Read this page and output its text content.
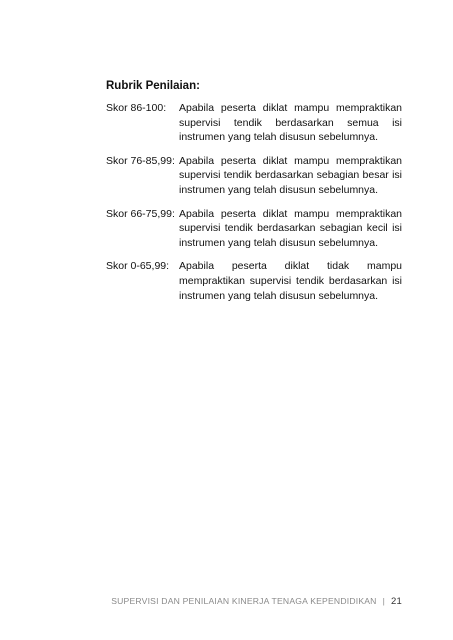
Rubrik Penilaian:
Skor 86-100:	Apabila peserta diklat mampu mempraktikan supervisi tendik berdasarkan semua isi instrumen yang telah disusun sebelumnya.
Skor 76-85,99: Apabila peserta diklat mampu mempraktikan supervisi tendik berdasarkan sebagian besar isi instrumen yang telah disusun sebelumnya.
Skor 66-75,99: Apabila peserta diklat mampu mempraktikan supervisi tendik berdasarkan sebagian kecil isi instrumen yang telah disusun sebelumnya.
Skor 0-65,99: Apabila peserta diklat tidak mampu mempraktikan supervisi tendik berdasarkan isi instrumen yang telah disusun sebelumnya.
SUPERVISI DAN PENILAIAN KINERJA TENAGA KEPENDIDIKAN | 21
